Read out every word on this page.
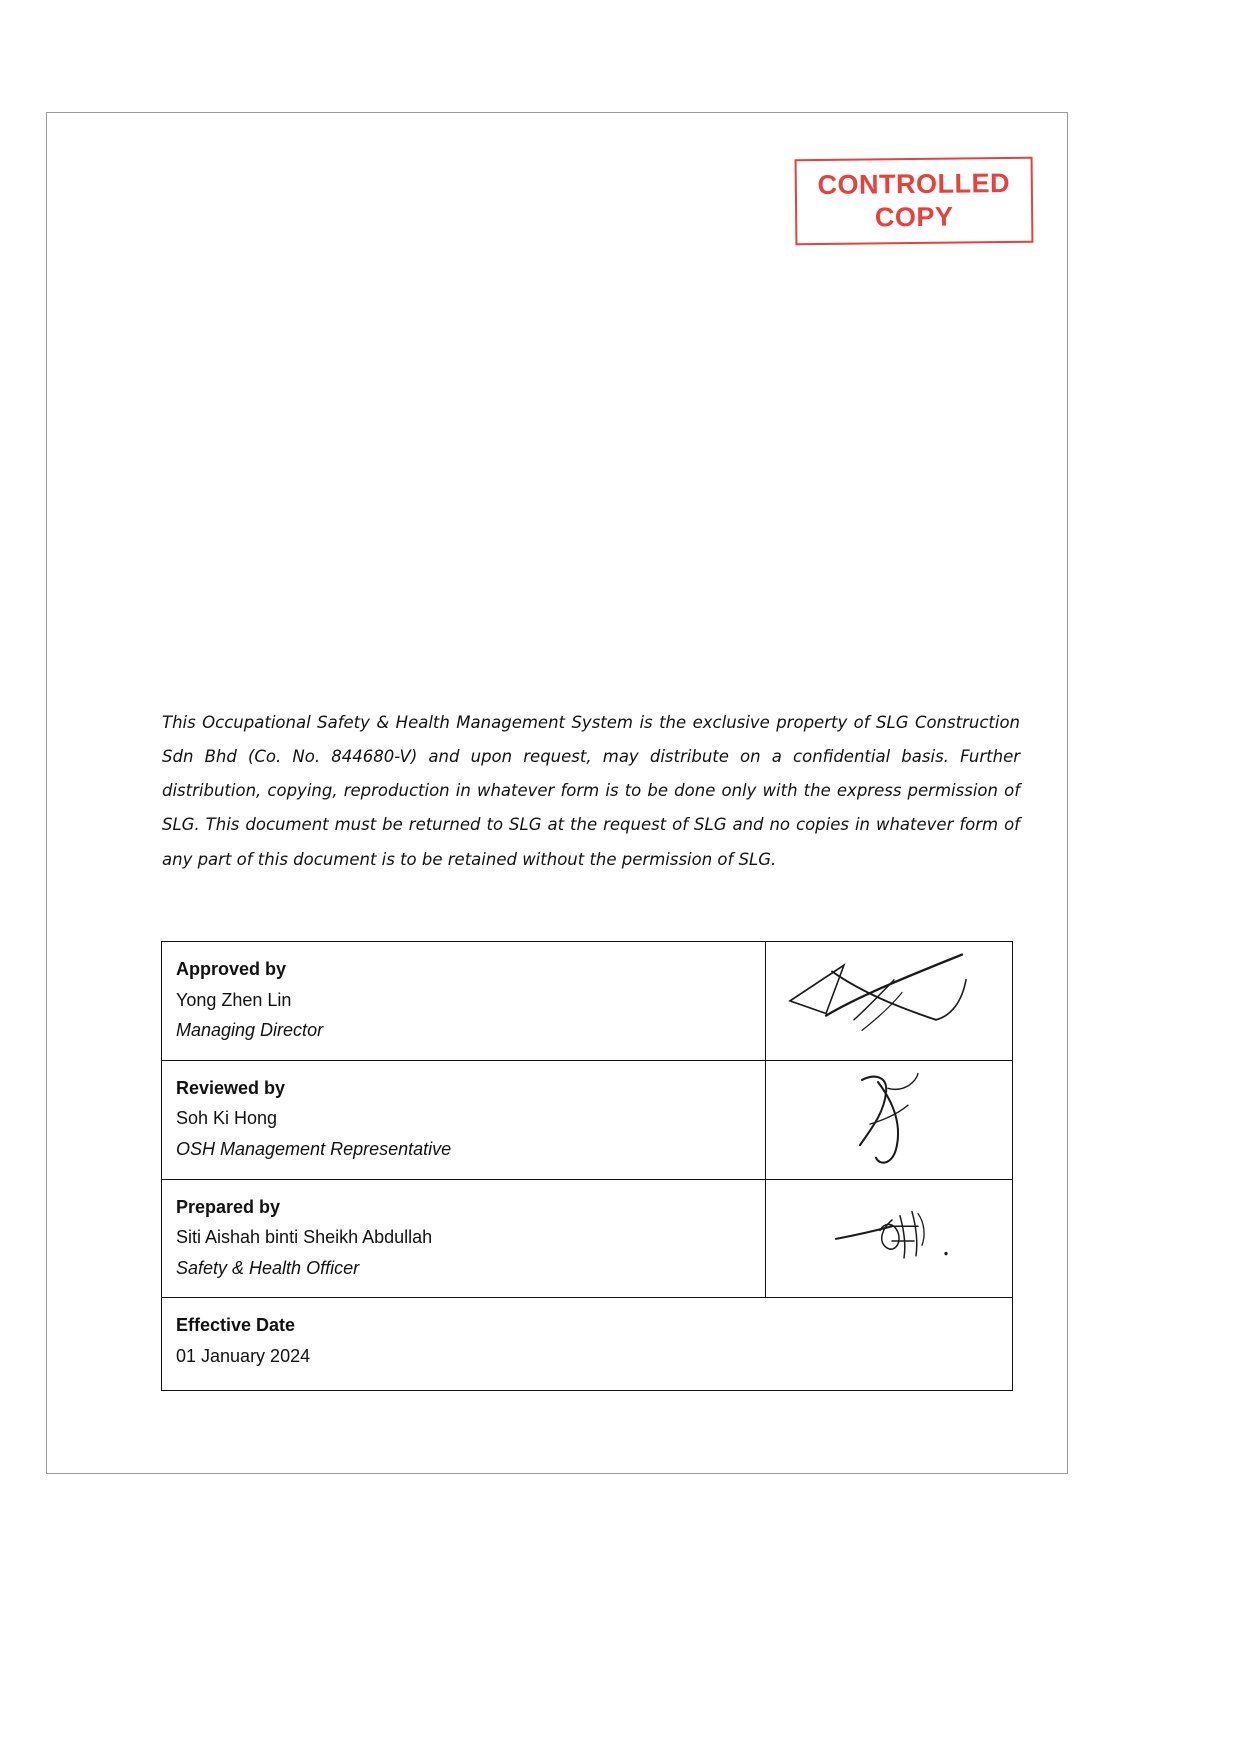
CONTROLLED
COPY

This Occupational Safety & Health Management System is the exclusive property of SLG Construction Sdn Bhd (Co. No. 844680-V) and upon request, may distribute on a confidential basis. Further distribution, copying, reproduction in whatever form is to be done only with the express permission of SLG. This document must be returned to SLG at the request of SLG and no copies in whatever form of any part of this document is to be retained without the permission of SLG.

Approved by
Yong Zhen Lin
Managing Director

Reviewed by
Soh Ki Hong
OSH Management Representative

Prepared by
Siti Aishah binti Sheikh Abdullah
Safety & Health Officer

Effective Date
01 January 2024	
